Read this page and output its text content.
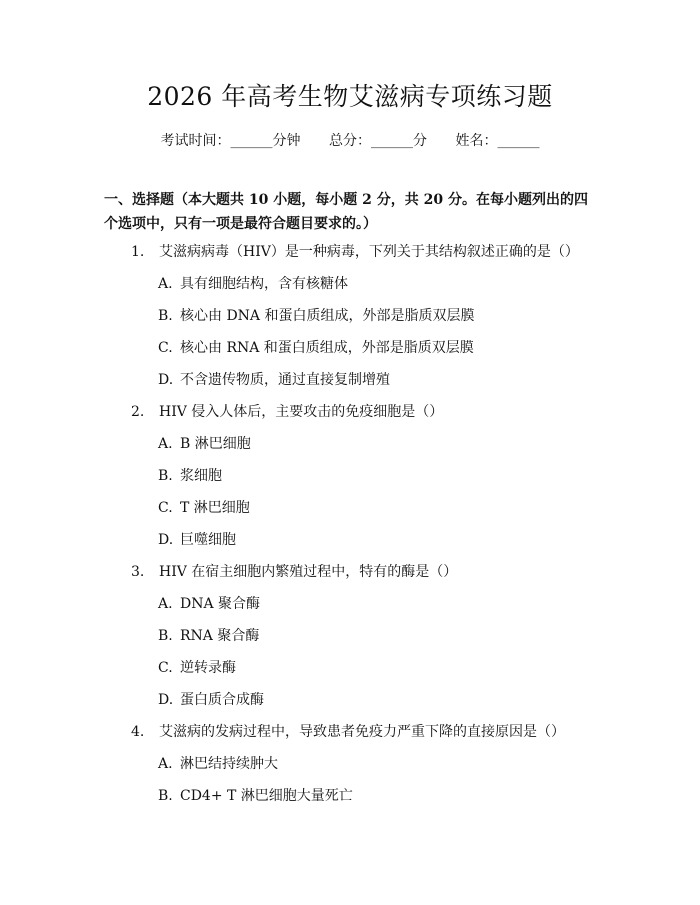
2026 年高考生物艾滋病专项练习题
考试时间：______分钟 总分：______分 姓名：______
一、选择题（本大题共 10 小题，每小题 2 分，共 20 分。在每小题列出的四个选项中，只有一项是最符合题目要求的。）
1. 艾滋病病毒（HIV）是一种病毒，下列关于其结构叙述正确的是（）
A. 具有细胞结构，含有核糖体
B. 核心由 DNA 和蛋白质组成，外部是脂质双层膜
C. 核心由 RNA 和蛋白质组成，外部是脂质双层膜
D. 不含遗传物质，通过直接复制增殖
2. HIV 侵入人体后，主要攻击的免疫细胞是（）
A. B 淋巴细胞
B. 浆细胞
C. T 淋巴细胞
D. 巨噬细胞
3. HIV 在宿主细胞内繁殖过程中，特有的酶是（）
A. DNA 聚合酶
B. RNA 聚合酶
C. 逆转录酶
D. 蛋白质合成酶
4. 艾滋病的发病过程中，导致患者免疫力严重下降的直接原因是（）
A. 淋巴结持续肿大
B. CD4+ T 淋巴细胞大量死亡
